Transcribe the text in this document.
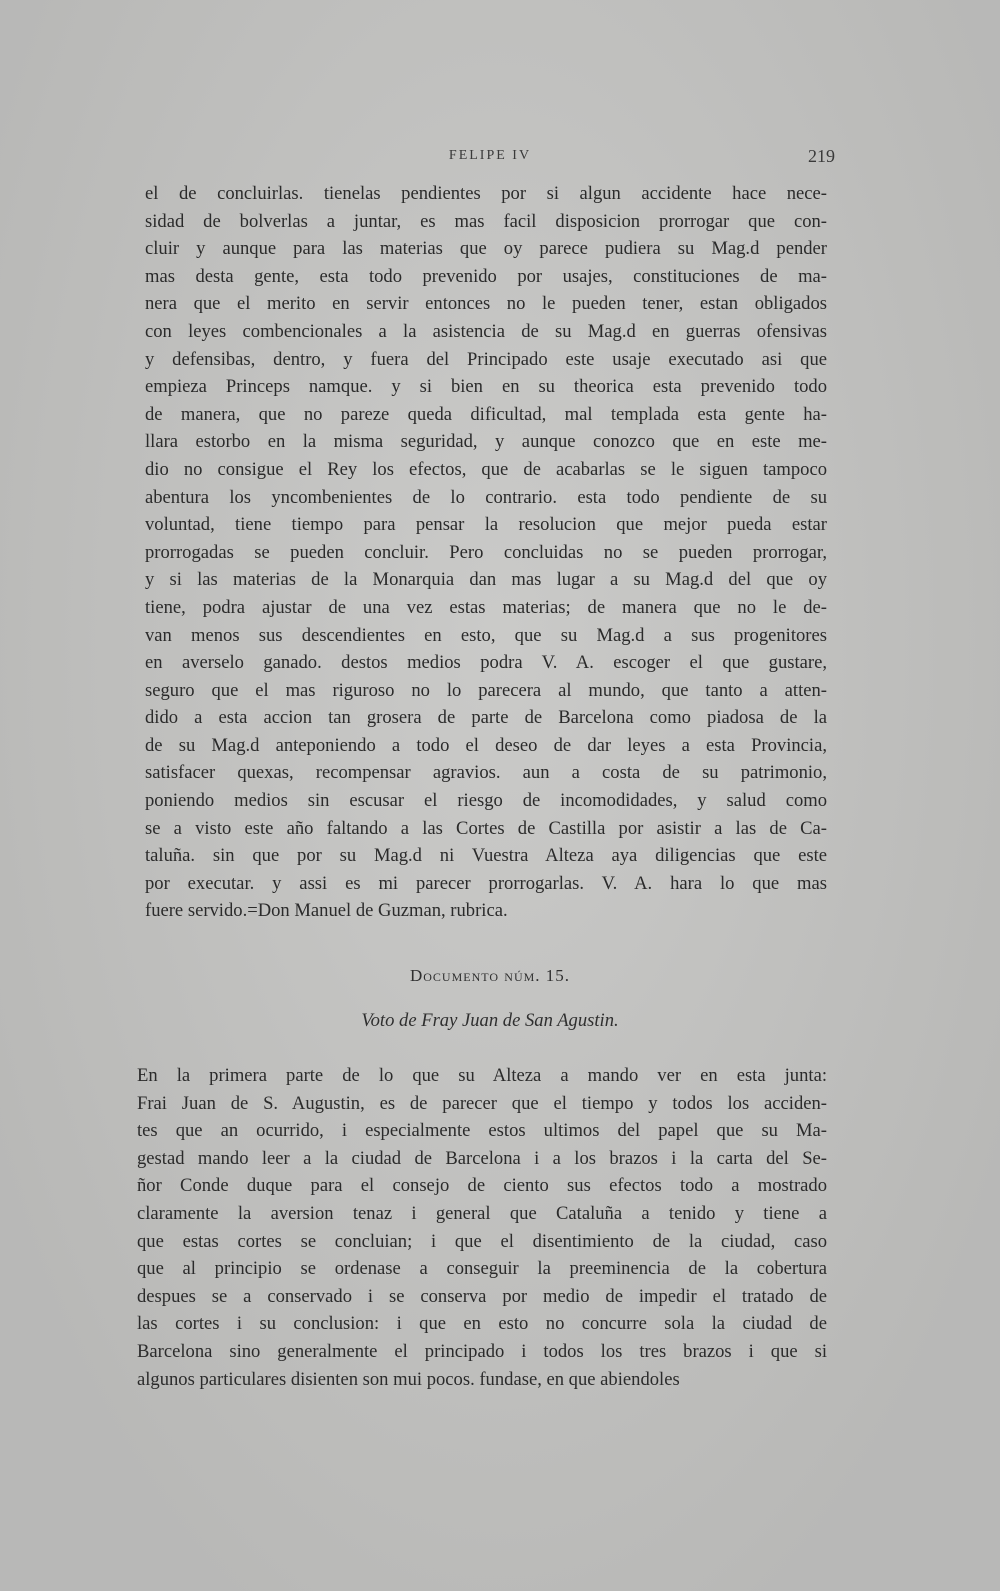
FELIPE IV	219
el de concluirlas. tienelas pendientes por si algun accidente hace nece-
sidad de bolverlas a juntar, es mas facil disposicion prorrogar que con-
cluir y aunque para las materias que oy parece pudiera su Mag.d pender
mas desta gente, esta todo prevenido por usajes, constituciones de ma-
nera que el merito en servir entonces no le pueden tener, estan obligados
con leyes combencionales a la asistencia de su Mag.d en guerras ofensivas
y defensibas, dentro, y fuera del Principado este usaje executado asi que
empieza Princeps namque. y si bien en su theorica esta prevenido todo
de manera, que no pareze queda dificultad, mal templada esta gente ha-
llara estorbo en la misma seguridad, y aunque conozco que en este me-
dio no consigue el Rey los efectos, que de acabarlas se le siguen tampoco
abentura los yncombenientes de lo contrario. esta todo pendiente de su
voluntad, tiene tiempo para pensar la resolucion que mejor pueda estar
prorrogadas se pueden concluir. Pero concluidas no se pueden prorrogar,
y si las materias de la Monarquia dan mas lugar a su Mag.d del que oy
tiene, podra ajustar de una vez estas materias; de manera que no le de-
van menos sus descendientes en esto, que su Mag.d a sus progenitores
en averselo ganado. destos medios podra V. A. escoger el que gustare,
seguro que el mas riguroso no lo parecera al mundo, que tanto a atten-
dido a esta accion tan grosera de parte de Barcelona como piadosa de la
de su Mag.d anteponiendo a todo el deseo de dar leyes a esta Provincia,
satisfacer quexas, recompensar agravios. aun a costa de su patrimonio,
poniendo medios sin escusar el riesgo de incomodidades, y salud como
se a visto este año faltando a las Cortes de Castilla por asistir a las de Ca-
taluña. sin que por su Mag.d ni Vuestra Alteza aya diligencias que este
por executar. y assi es mi parecer prorrogarlas. V. A. hara lo que mas
fuere servido.=Don Manuel de Guzman, rubrica.
Documento núm. 15.
Voto de Fray Juan de San Agustin.
En la primera parte de lo que su Alteza a mando ver en esta junta:
Frai Juan de S. Augustin, es de parecer que el tiempo y todos los acciden-
tes que an ocurrido, i especialmente estos ultimos del papel que su Ma-
gestad mando leer a la ciudad de Barcelona i a los brazos i la carta del Se-
ñor Conde duque para el consejo de ciento sus efectos todo a mostrado
claramente la aversion tenaz i general que Cataluña a tenido y tiene a
que estas cortes se concluian; i que el disentimiento de la ciudad, caso
que al principio se ordenase a conseguir la preeminencia de la cobertura
despues se a conservado i se conserva por medio de impedir el tratado de
las cortes i su conclusion: i que en esto no concurre sola la ciudad de
Barcelona sino generalmente el principado i todos los tres brazos i que si
algunos particulares disienten son mui pocos. fundase, en que abiendoles
